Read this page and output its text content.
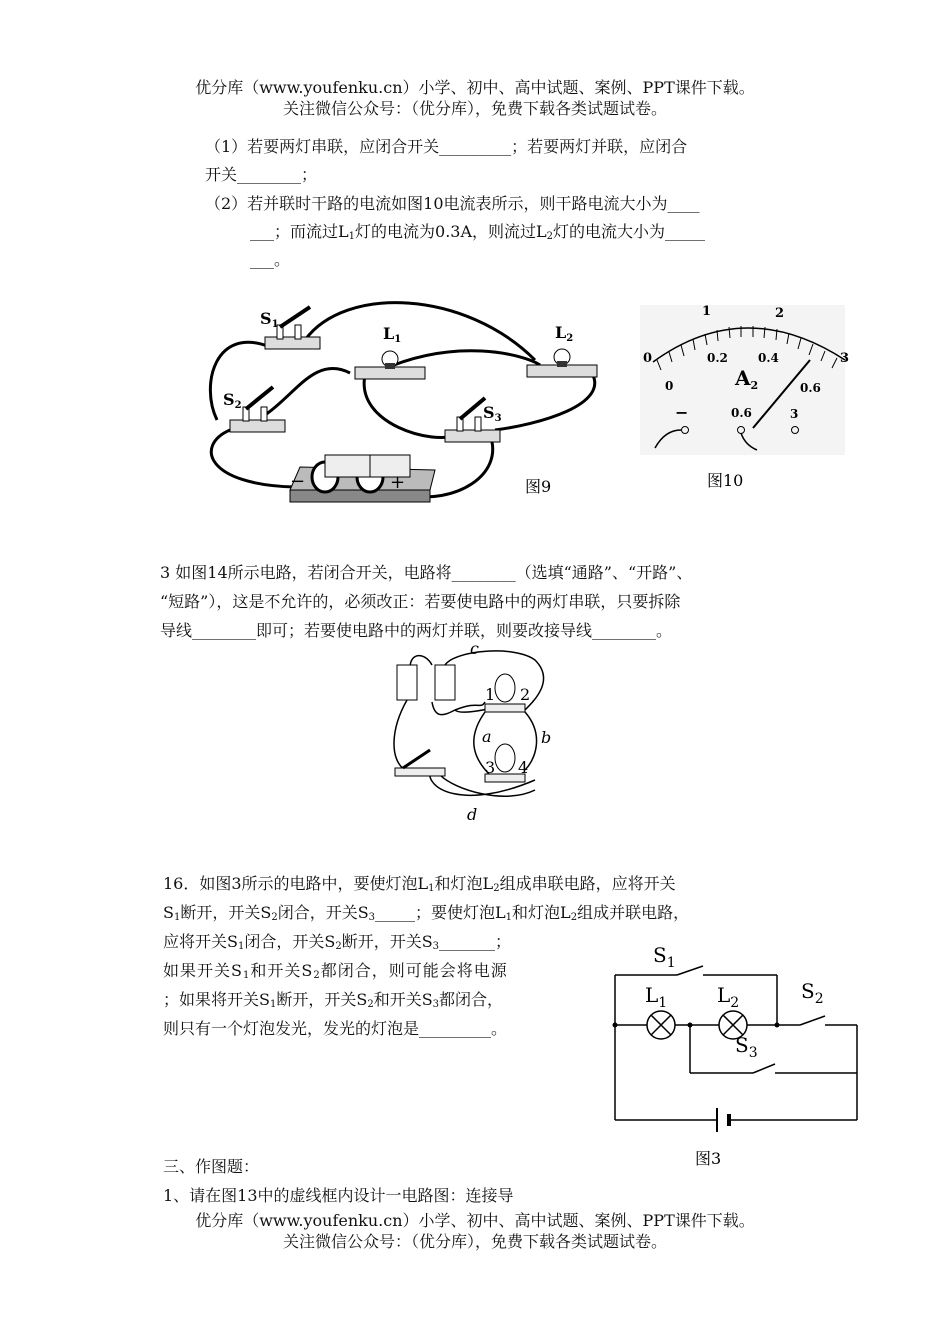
优分库（www.youfenku.cn）小学、初中、高中试题、案例、PPT课件下载。
关注微信公众号：（优分库），免费下载各类试题试卷。
（1）若要两灯串联，应闭合开关_________；若要两灯并联，应闭合
开关________；
（2）若并联时干路的电流如图10电流表所示，则干路电流大小为____
___；而流过$L_1$灯的电流为0.3A，则流过$L_2$灯的电流大小为_____
___。
S1
S2	S3
L1	L2
−	+	图9
0
1	2
3
0
0.2	0.4
0.6
$A_2$
−	0.6	3
图10
3 如图14所示电路，若闭合开关，电路将________（选填“通路”、“开路”、
“短路”），这是不允许的，必须改正：若要使电路中的两灯串联，只要拆除
导线________即可；若要使电路中的两灯并联，则要改接导线________。
c
a	b
d
1 2
3 4
16．如图3所示的电路中，要使灯泡$L_1$和灯泡$L_2$组成串联电路，应将开关
$S_1$断开，开关$S_2$闭合，开关$S_3\_\_\_\_\_$；要使灯泡$L_1$和灯泡$L_2$组成并联电路，
应将开关$S_1$闭合，开关$S_2$断开，开关$S_3\_\_\_\_\_\_\_$；
如果开关$S_1$和开关$S_2$都闭合，则可能会将电源
；如果将开关$S_1$断开，开关$S_2$和开关$S_3$都闭合，
则只有一个灯泡发光，发光的灯泡是_________。
$S_1$
$L_1$ $L_2$	$S_2$
$S_3$
图3
三、作图题：
1、请在图13中的虚线框内设计一电路图：连接导
优分库（www.youfenku.cn）小学、初中、高中试题、案例、PPT课件下载。
关注微信公众号：（优分库），免费下载各类试题试卷。
